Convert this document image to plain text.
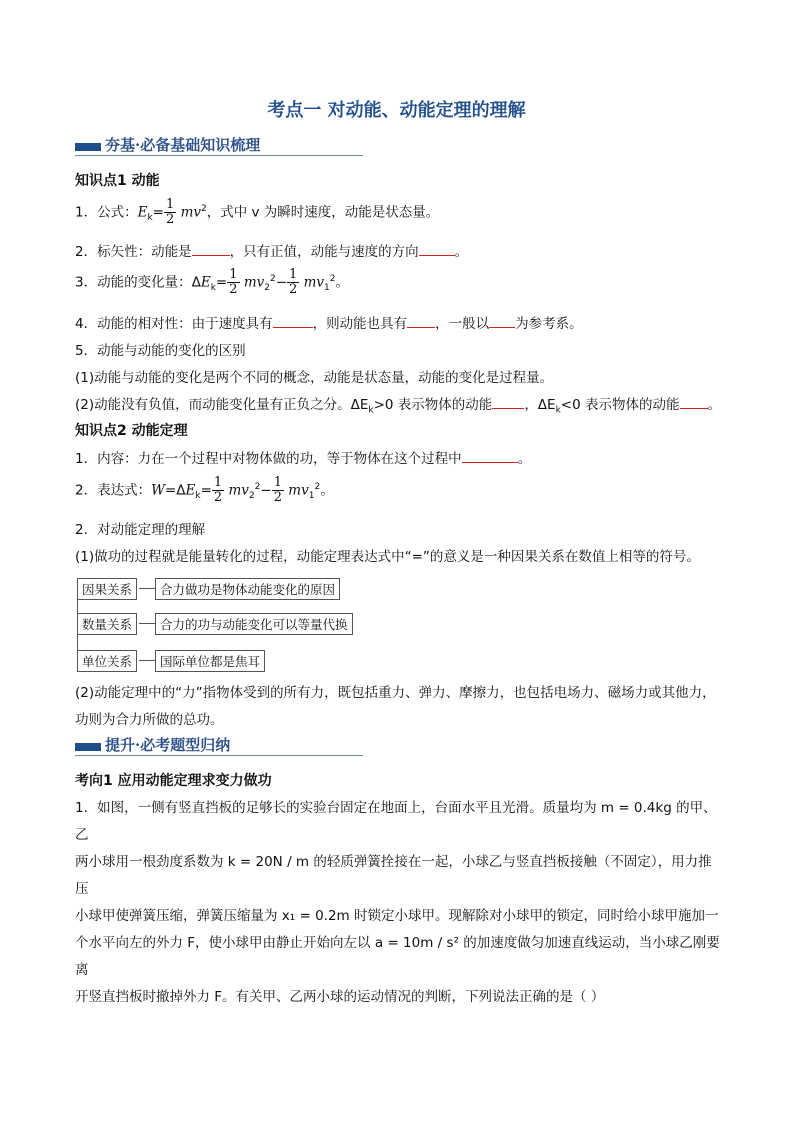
考点一 对动能、动能定理的理解
夯基·必备基础知识梳理
知识点1 动能
1．公式：$E_k= \frac{1}{2} mv^2$，式中 v 为瞬时速度，动能是状态量。
2．标矢性：动能是	，只有正值，动能与速度的方向	。
3．动能的变化量：$\Delta E_k= \frac{1}{2} mv_2^2- \frac{1}{2} mv_1^2$。
4．动能的相对性：由于速度具有	，则动能也具有 ，一般以 为参考系。
5．动能与动能的变化的区别
(1)动能与动能的变化是两个不同的概念，动能是状态量，动能的变化是过程量。
(2)动能没有负值，而动能变化量有正负之分。$\Delta E_k>0$ 表示物体的动能 ，$\Delta E_k<0$ 表示物体的动能 。
知识点2 动能定理
1．内容：力在一个过程中对物体做的功，等于物体在这个过程中	。
2．表达式：$W=\Delta E_k= \frac{1}{2} mv_2^2- \frac{1}{2} mv_1^2$。
2．对动能定理的理解
(1)做功的过程就是能量转化的过程，动能定理表达式中“=”的意义是一种因果关系在数值上相等的符号。
因果关系	合力做功是物体动能变化的原因
数量关系	合力的功与动能变化可以等量代换
单位关系	国际单位都是焦耳
(2)动能定理中的“力”指物体受到的所有力，既包括重力、弹力、摩擦力，也包括电场力、磁场力或其他力，
功则为合力所做的总功。
提升·必考题型归纳
考向1 应用动能定理求变力做功
1．如图，一侧有竖直挡板的足够长的实验台固定在地面上，台面水平且光滑。质量均为 m = 0.4kg 的甲、乙
两小球用一根劲度系数为 k = 20N / m 的轻质弹簧拴接在一起，小球乙与竖直挡板接触（不固定），用力推压
小球甲使弹簧压缩，弹簧压缩量为 x₁ = 0.2m 时锁定小球甲。现解除对小球甲的锁定，同时给小球甲施加一
个水平向左的外力 F，使小球甲由静止开始向左以 a = 10m / s² 的加速度做匀加速直线运动，当小球乙刚要离
开竖直挡板时撤掉外力 F。有关甲、乙两小球的运动情况的判断，下列说法正确的是（ ）
